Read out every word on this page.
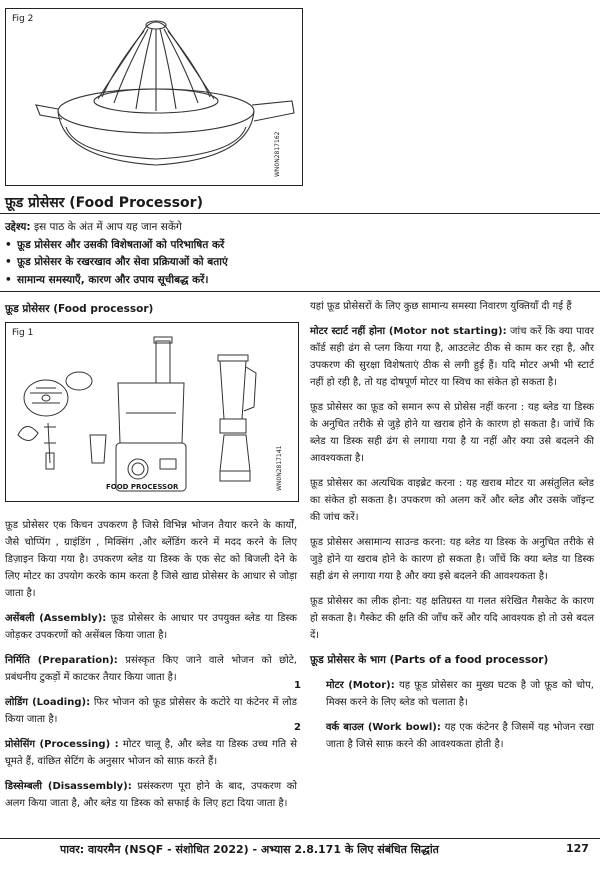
Fig 2
WN0N2817162
फ़ूड प्रोसेसर (Food Processor)
उद्देश्य: इस पाठ के अंत में आप यह जान सकेंगे
• फ़ूड प्रोसेसर और उसकी विशेषताओं को परिभाषित करें
• फ़ूड प्रोसेसर के रखरखाव और सेवा प्रक्रियाओं को बताएं
• सामान्य समस्याएँ, कारण और उपाय सूचीबद्ध करें।
फ़ूड प्रोसेसर (Food processor)
Fig 1
FOOD PROCESSOR	WN0N2817141

फ़ूड प्रोसेसर एक किचन उपकरण है जिसे विभिन्न भोजन तैयार करने के कार्यों, जैसे चोप्पिंग , ग्राइंडिंग , मिक्सिंग ,और ब्लेंडिंग करने में मदद करने के लिए डिज़ाइन किया गया है। उपकरण ब्लेड या डिस्क के एक सेट को बिजली देने के लिए मोटर का उपयोग करके काम करता है जिसे खाद्य प्रोसेसर के आधार से जोड़ा जाता है।

असेंबली (Assembly): फ़ूड प्रोसेसर के आधार पर उपयुक्त ब्लेड या डिस्क जोड़कर उपकरणों को असेंबल किया जाता है।

निर्मिति (Preparation): प्रसंस्कृत किए जाने वाले भोजन को छोटे, प्रबंधनीय टुकड़ों में काटकर तैयार किया जाता है।

लोडिंग (Loading): फिर भोजन को फ़ूड प्रोसेसर के कटोरे या कंटेनर में लोड किया जाता है।

प्रोसेसिंग (Processing) : मोटर चालू है, और ब्लेड या डिस्क उच्च गति से घूमते हैं, वांछित सेटिंग के अनुसार भोजन को साफ़ करते हैं।

डिस्सेम्बली (Disassembly): प्रसंस्करण पूरा होने के बाद, उपकरण को अलग किया जाता है, और ब्लेड या डिस्क को सफाई के लिए हटा दिया जाता है।

यहां फ़ूड प्रोसेसरों के लिए कुछ सामान्य समस्या निवारण युक्तियाँ दी गई हैं

मोटर स्टार्ट नहीं होना (Motor not starting): जांच करें कि क्या पावर कॉर्ड सही ढंग से प्लग किया गया है, आउटलेट ठीक से काम कर रहा है, और उपकरण की सुरक्षा विशेषताएं ठीक से लगी हुई हैं। यदि मोटर अभी भी स्टार्ट नहीं हो रही है, तो यह दोषपूर्ण मोटर या स्विच का संकेत हो सकता है।

फ़ूड प्रोसेसर का फ़ूड को समान रूप से प्रोसेस नहीं करना : यह ब्लेड या डिस्क के अनुचित तरीके से जुड़े होने या खराब होने के कारण हो सकता है। जांचें कि ब्लेड या डिस्क सही ढंग से लगाया गया है या नहीं और क्या उसे बदलने की आवश्यकता है।

फ़ूड प्रोसेसर का अत्यधिक वाइब्रेट करना : यह खराब मोटर या असंतुलित ब्लेड का संकेत हो सकता है। उपकरण को अलग करें और ब्लेड और उसके जॉइन्ट की जांच करें।

फ़ूड प्रोसेसर असामान्य साउन्ड करना: यह ब्लेड या डिस्क के अनुचित तरीके से जुड़े होने या खराब होने के कारण हो सकता है। जाँचें कि क्या ब्लेड या डिस्क सही ढंग से लगाया गया है और क्या इसे बदलने की आवश्यकता है।

फ़ूड प्रोसेसर का लीक होना: यह क्षतिग्रस्त या गलत संरेखित गैसकेट के कारण हो सकता है। गैस्केट की क्षति की जाँच करें और यदि आवश्यक हो तो उसे बदल दें।

फ़ूड प्रोसेसर के भाग (Parts of a food processor)

1	मोटर (Motor): यह फ़ूड प्रोसेसर का मुख्य घटक है जो फ़ूड को चोप, मिक्स करने के लिए ब्लेड को चलाता है।

2	वर्क बाउल (Work bowl): यह एक कंटेनर है जिसमें यह भोजन रखा जाता है जिसे साफ़ करने की आवश्यकता होती है।

पावर: वायरमैन (NSQF - संशोधित 2022) - अभ्यास 2.8.171 के लिए संबंधित सिद्धांत	127
